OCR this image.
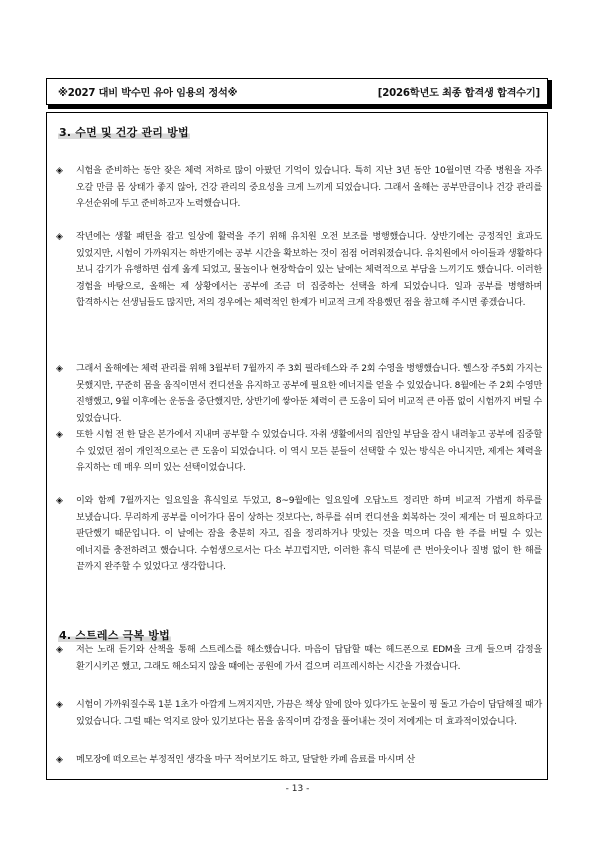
※2027 대비 박수민 유아 임용의 정석※	[2026학년도 최종 합격생 합격수기]
3. 수면 및 건강 관리 방법
◈	시험을 준비하는 동안 잦은 체력 저하로 많이 아팠던 기억이 있습니다. 특히 지난 3년 동안 10월이면 각종 병원을 자주 오갈 만큼 몸 상태가 좋지 않아, 건강 관리의 중요성을 크게 느끼게 되었습니다. 그래서 올해는 공부만큼이나 건강 관리를 우선순위에 두고 준비하고자 노력했습니다.
◈	작년에는 생활 패턴을 잡고 일상에 활력을 주기 위해 유치원 오전 보조를 병행했습니다. 상반기에는 긍정적인 효과도 있었지만, 시험이 가까워지는 하반기에는 공부 시간을 확보하는 것이 점점 어려워졌습니다. 유치원에서 아이들과 생활하다 보니 감기가 유행하면 쉽게 옮게 되었고, 물놀이나 현장학습이 있는 날에는 체력적으로 부담을 느끼기도 했습니다. 이러한 경험을 바탕으로, 올해는 제 상황에서는 공부에 조금 더 집중하는 선택을 하게 되었습니다. 일과 공부를 병행하며 합격하시는 선생님들도 많지만, 저의 경우에는 체력적인 한계가 비교적 크게 작용했던 점을 참고해 주시면 좋겠습니다.
◈	그래서 올해에는 체력 관리를 위해 3월부터 7월까지 주 3회 필라테스와 주 2회 수영을 병행했습니다. 헬스장 주5회 가지는 못했지만, 꾸준히 몸을 움직이면서 컨디션을 유지하고 공부에 필요한 에너지를 얻을 수 있었습니다. 8월에는 주 2회 수영만 진행했고, 9월 이후에는 운동을 중단했지만, 상반기에 쌓아둔 체력이 큰 도움이 되어 비교적 큰 아픔 없이 시험까지 버틸 수 있었습니다.
◈	또한 시험 전 한 달은 본가에서 지내며 공부할 수 있었습니다. 자취 생활에서의 집안일 부담을 잠시 내려놓고 공부에 집중할 수 있었던 점이 개인적으로는 큰 도움이 되었습니다. 이 역시 모든 분들이 선택할 수 있는 방식은 아니지만, 제게는 체력을 유지하는 데 매우 의미 있는 선택이었습니다.
◈	이와 함께 7월까지는 일요일을 휴식일로 두었고, 8~9월에는 일요일에 오답노트 정리만 하며 비교적 가볍게 하루를 보냈습니다. 무리하게 공부를 이어가다 몸이 상하는 것보다는, 하루를 쉬며 컨디션을 회복하는 것이 제게는 더 필요하다고 판단했기 때문입니다. 이 날에는 잠을 충분히 자고, 집을 정리하거나 맛있는 것을 먹으며 다음 한 주를 버틸 수 있는 에너지를 충전하려고 했습니다. 수험생으로서는 다소 부끄럽지만, 이러한 휴식 덕분에 큰 번아웃이나 질병 없이 한 해를 끝까지 완주할 수 있었다고 생각합니다.
4. 스트레스 극복 방법
◈	저는 노래 듣기와 산책을 통해 스트레스를 해소했습니다. 마음이 답답할 때는 헤드폰으로 EDM을 크게 들으며 감정을 환기시키곤 했고, 그래도 해소되지 않을 때에는 공원에 가서 걸으며 리프레시하는 시간을 가졌습니다.
◈	시험이 가까워질수록 1분 1초가 아깝게 느껴지지만, 가끔은 책상 앞에 앉아 있다가도 눈물이 핑 돌고 가슴이 답답해질 때가 있었습니다. 그럴 때는 억지로 앉아 있기보다는 몸을 움직이며 감정을 풀어내는 것이 저에게는 더 효과적이었습니다.
◈	메모장에 떠오르는 부정적인 생각을 마구 적어보기도 하고, 달달한 카페 음료를 마시며 산
- 13 -
